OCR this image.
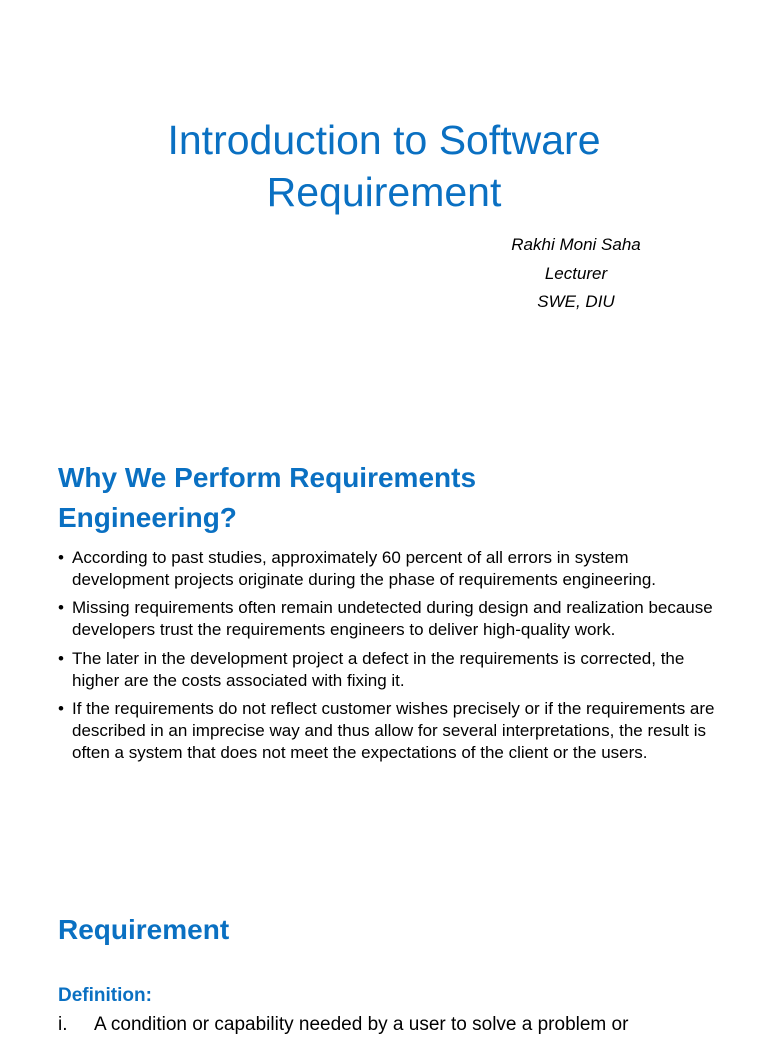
Introduction to Software
Requirement
Rakhi Moni Saha
Lecturer
SWE, DIU
Why We Perform Requirements
Engineering?
• According to past studies, approximately 60 percent of all errors in system development projects originate during the phase of requirements engineering.
• Missing requirements often remain undetected during design and realization because developers trust the requirements engineers to deliver high-quality work.
• The later in the development project a defect in the requirements is corrected, the higher are the costs associated with fixing it.
• If the requirements do not reflect customer wishes precisely or if the requirements are described in an imprecise way and thus allow for several interpretations, the result is often a system that does not meet the expectations of the client or the users.
Requirement
Definition:
i. A condition or capability needed by a user to solve a problem or
